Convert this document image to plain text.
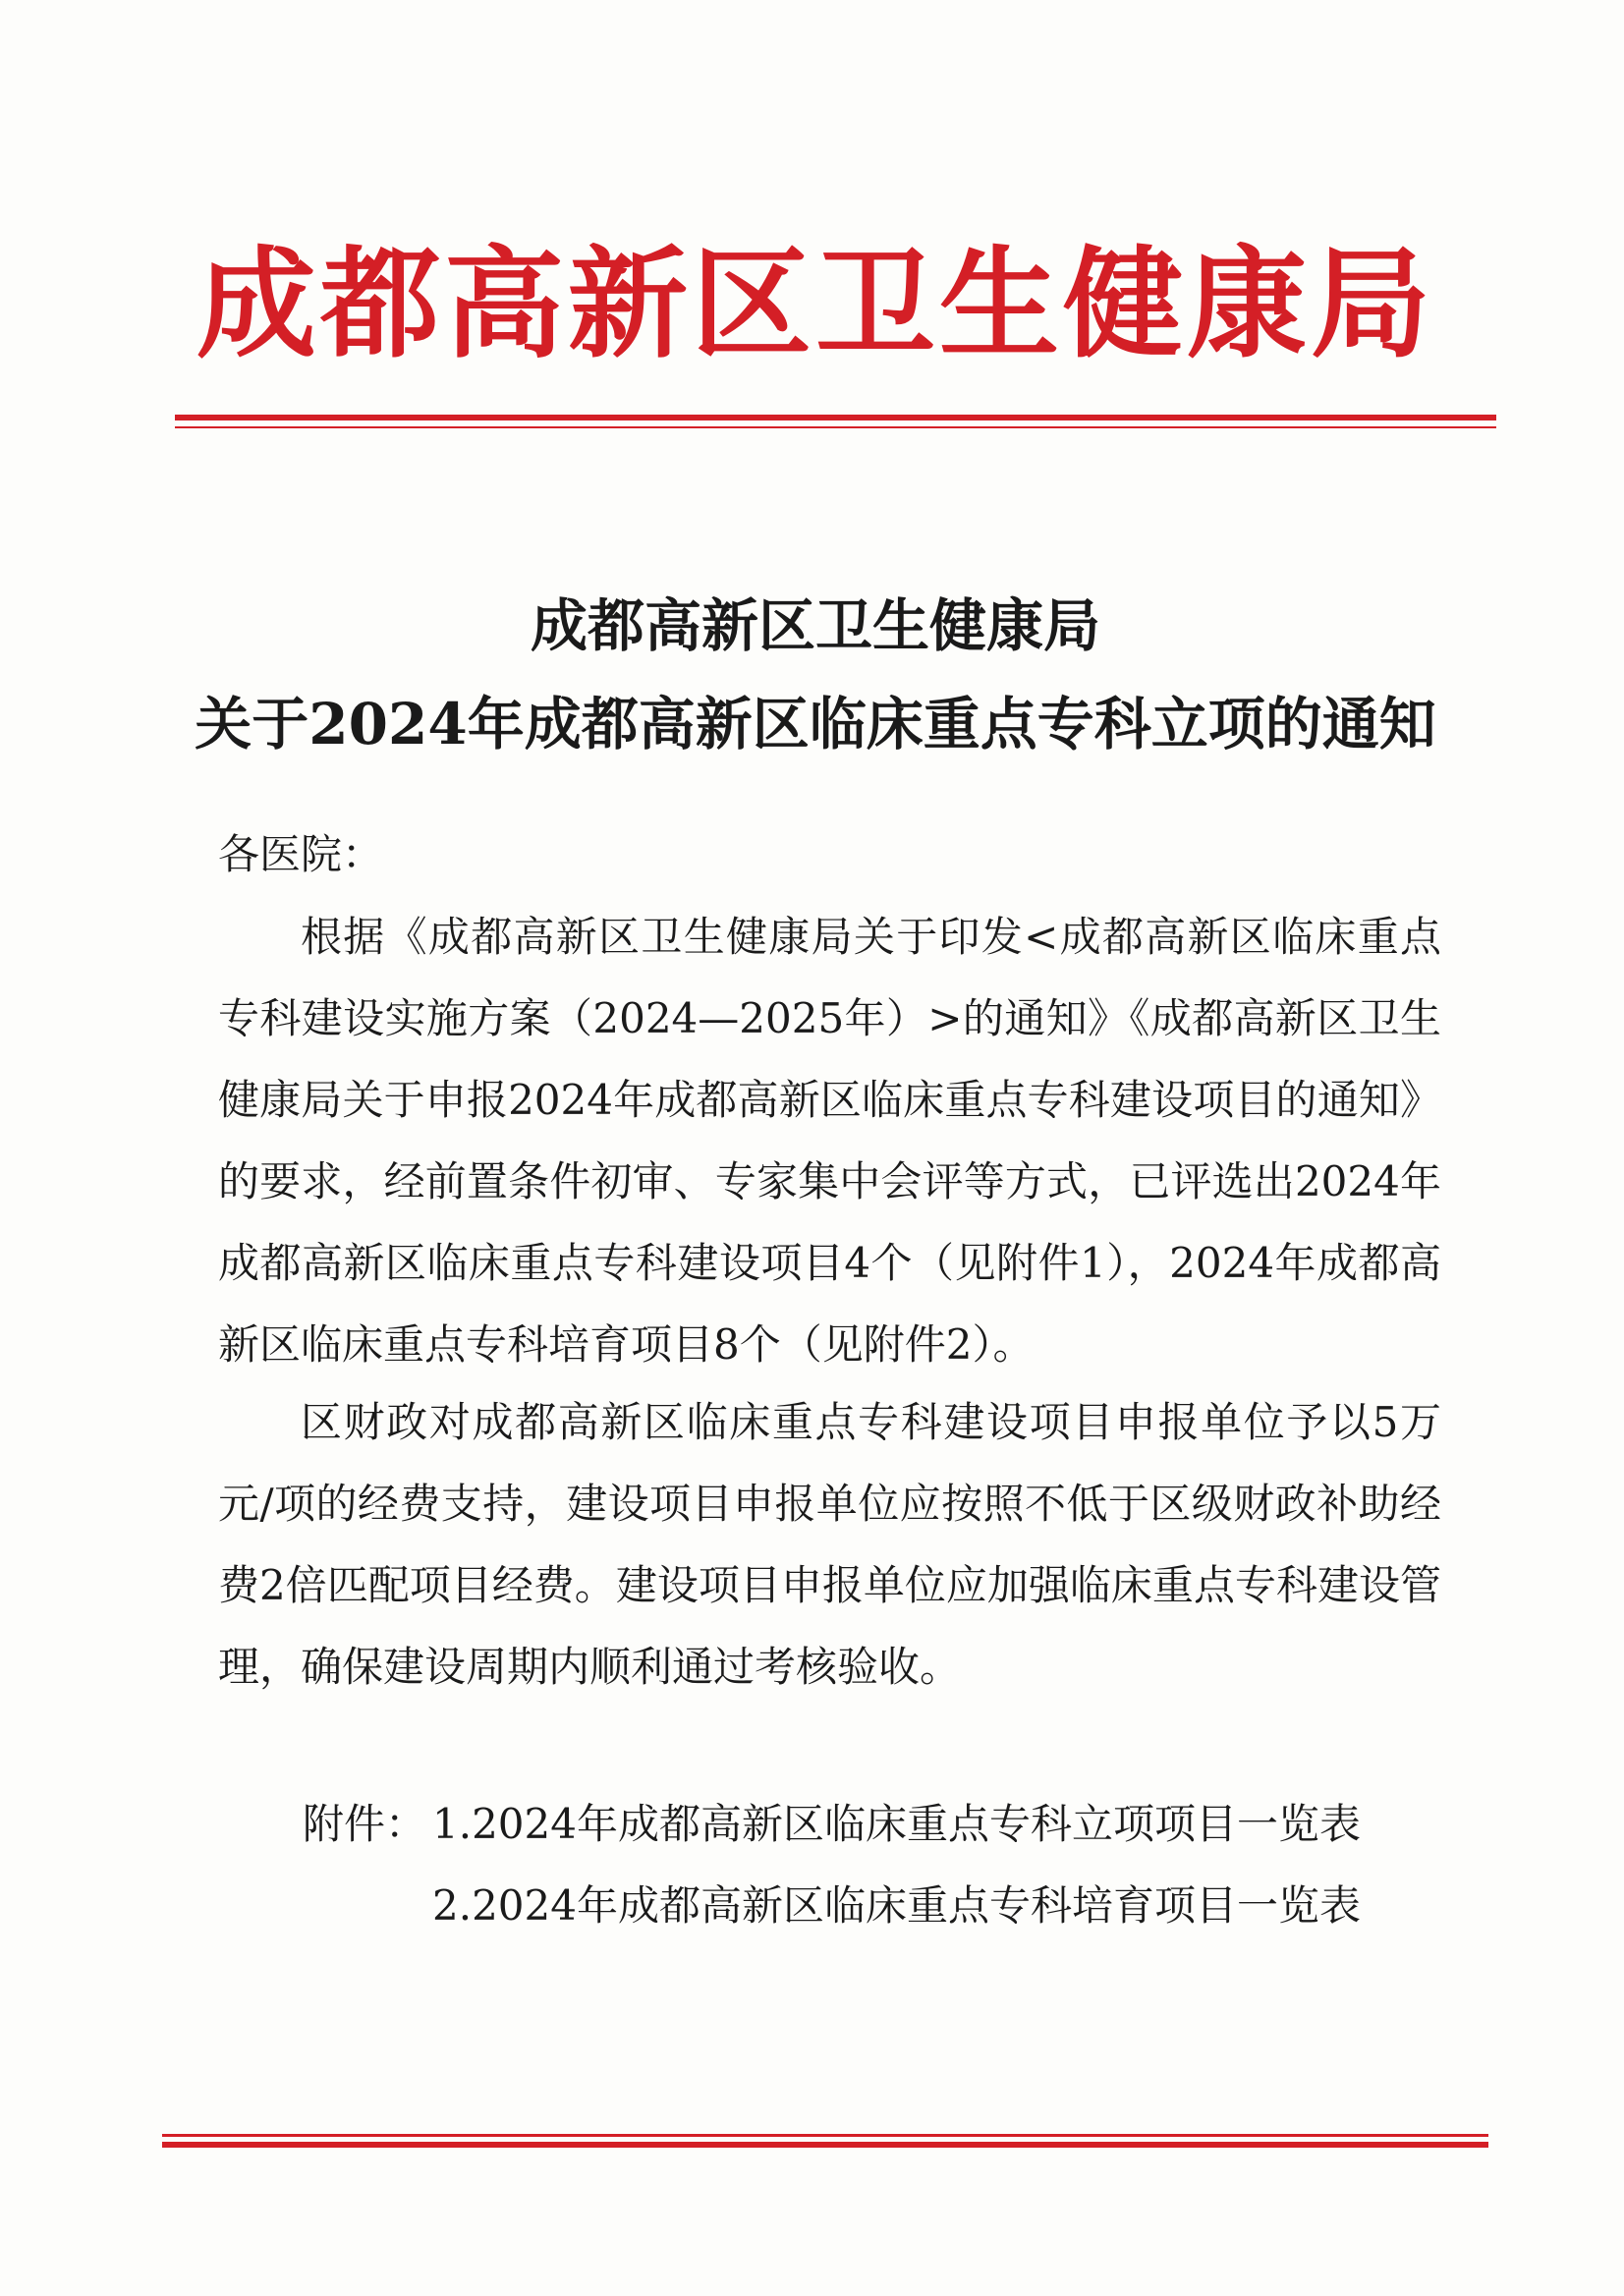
成都高新区卫生健康局
成都高新区卫生健康局
关于2024年成都高新区临床重点专科立项的通知
各医院：

根据《成都高新区卫生健康局关于印发<成都高新区临床重点专科建设实施方案（2024—2025年）>的通知》《成都高新区卫生健康局关于申报2024年成都高新区临床重点专科建设项目的通知》的要求，经前置条件初审、专家集中会评等方式，已评选出2024年成都高新区临床重点专科建设项目4个（见附件1），2024年成都高新区临床重点专科培育项目8个（见附件2）。

区财政对成都高新区临床重点专科建设项目申报单位予以5万元/项的经费支持，建设项目申报单位应按照不低于区级财政补助经费2倍匹配项目经费。建设项目申报单位应加强临床重点专科建设管理，确保建设周期内顺利通过考核验收。

附件： 1.2024年成都高新区临床重点专科立项项目一览表
2.2024年成都高新区临床重点专科培育项目一览表
